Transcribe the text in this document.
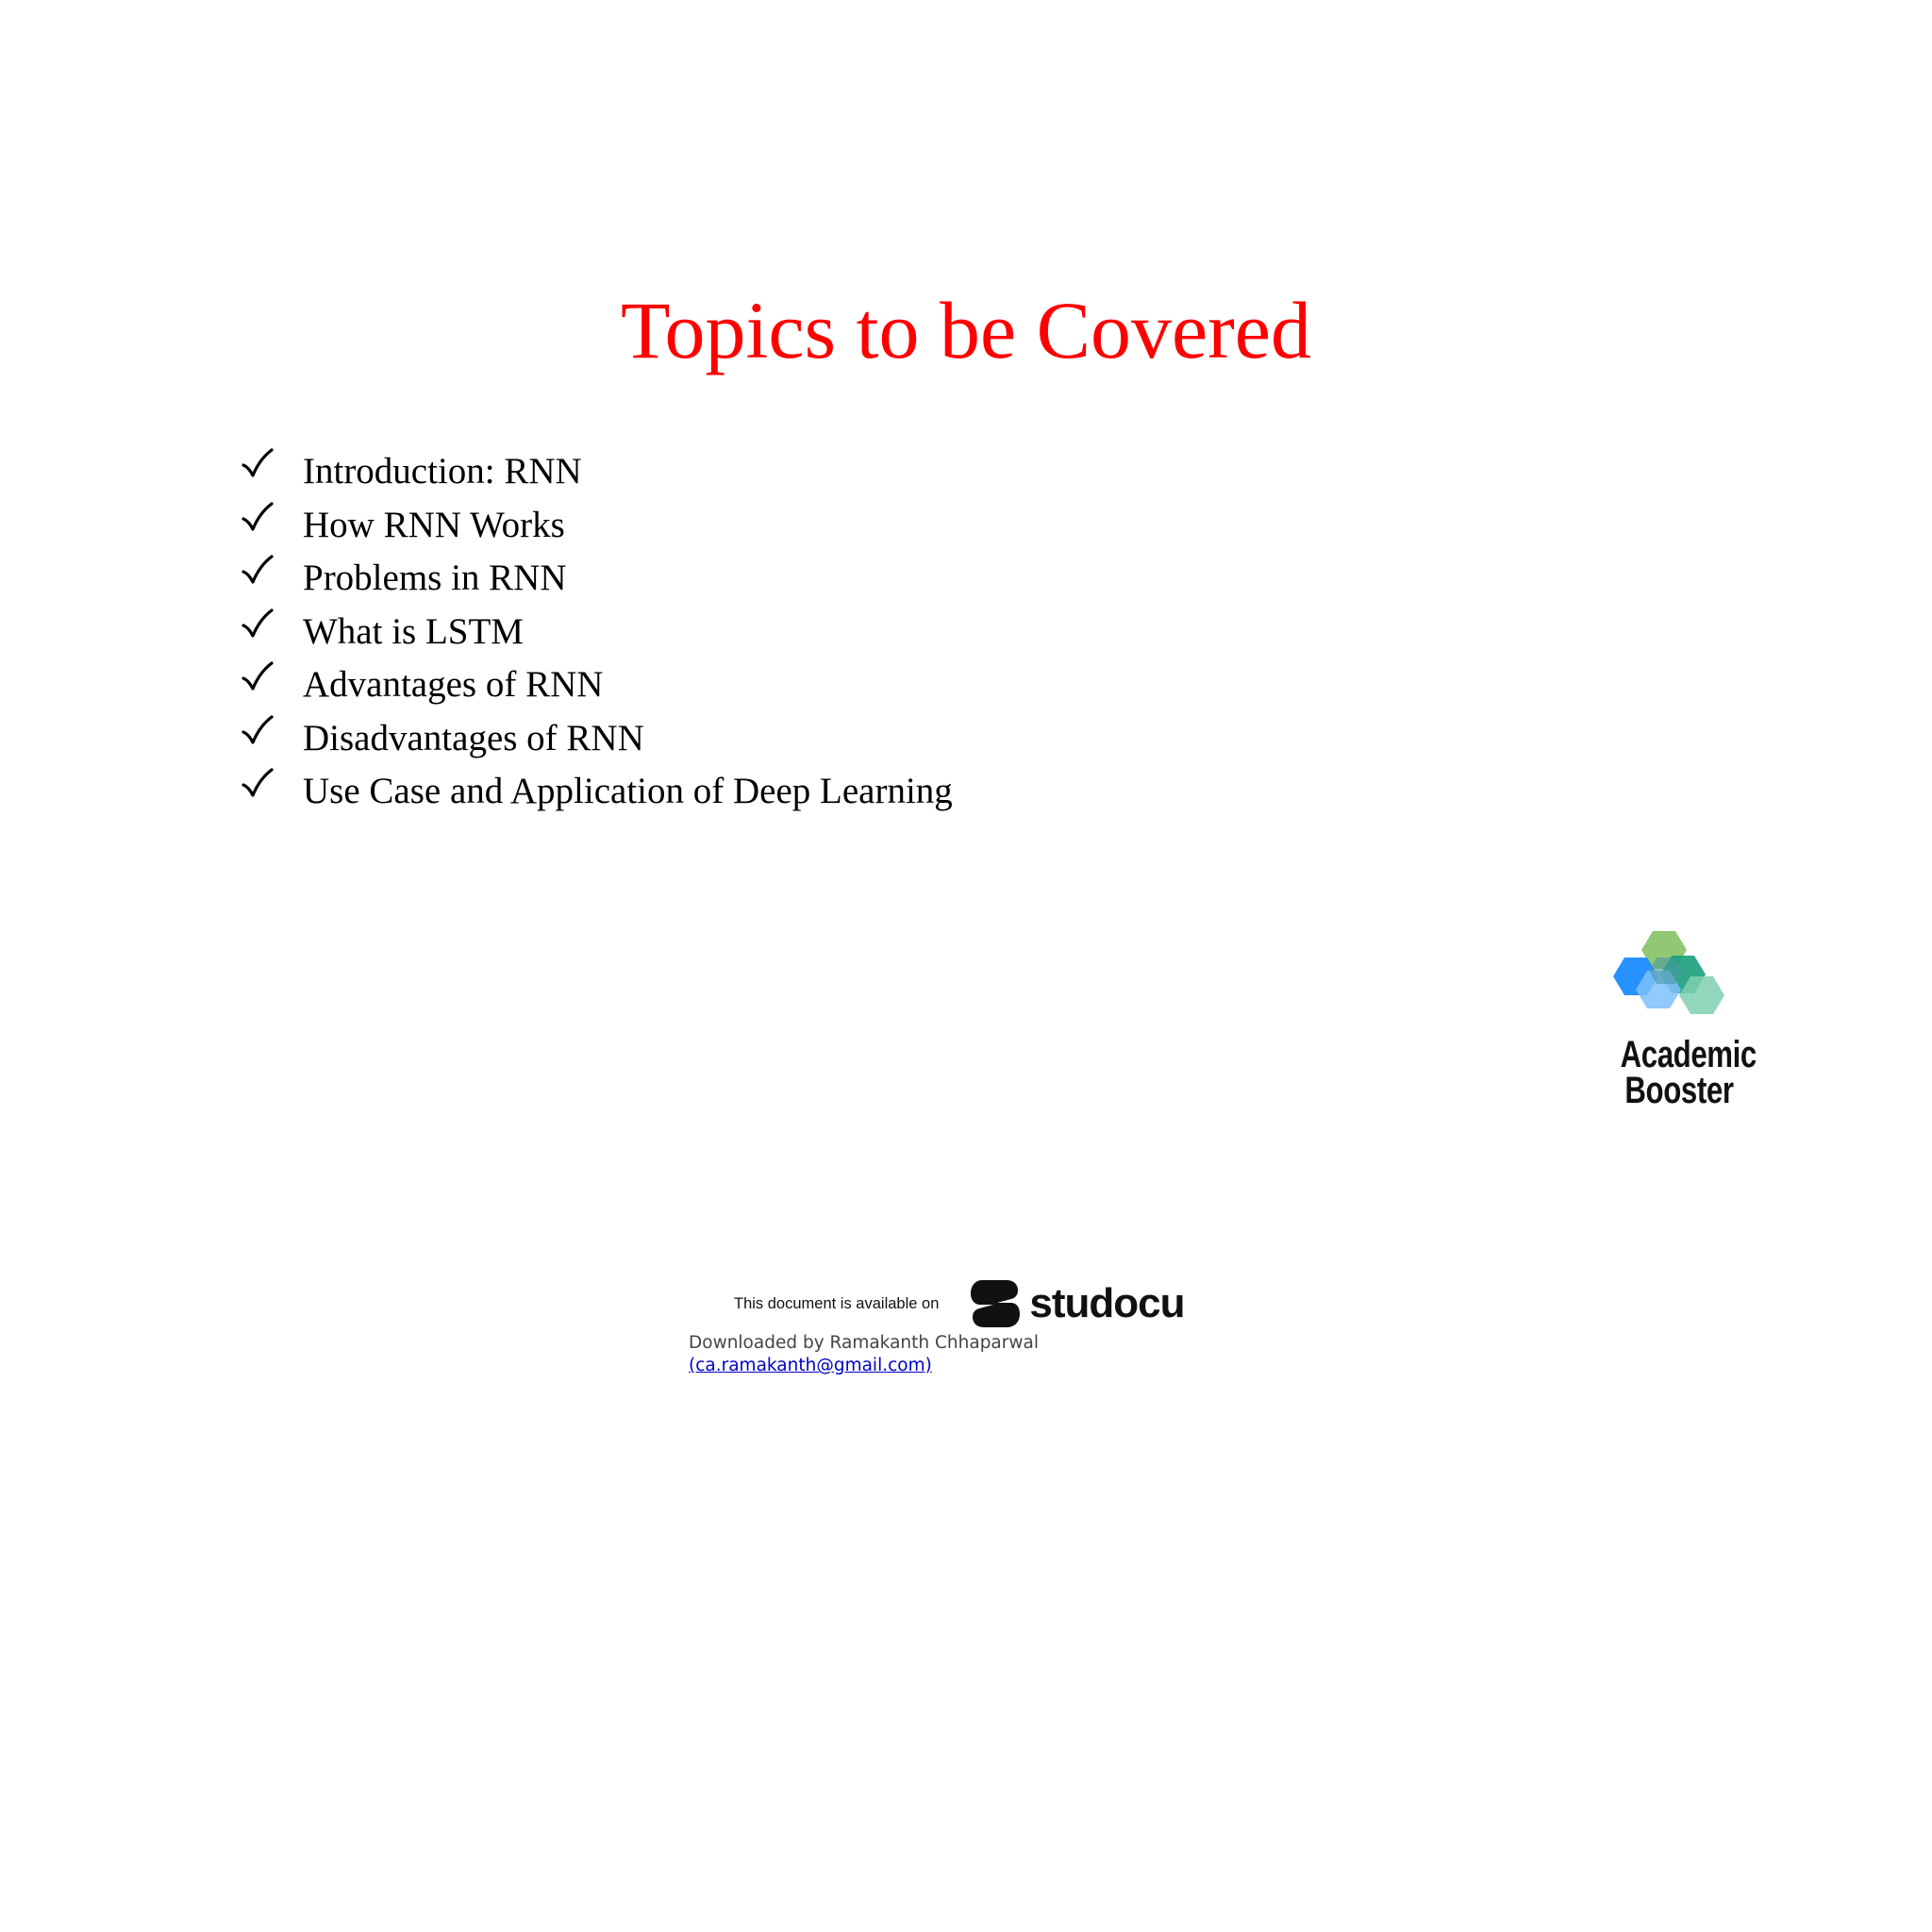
Topics to be Covered
Introduction: RNN
How RNN Works
Problems in RNN
What is LSTM
Advantages of RNN
Disadvantages of RNN
Use Case and Application of Deep Learning
Academic
Booster
This document is available on studocu
Downloaded by Ramakanth Chhaparwal
(ca.ramakanth@gmail.com)
